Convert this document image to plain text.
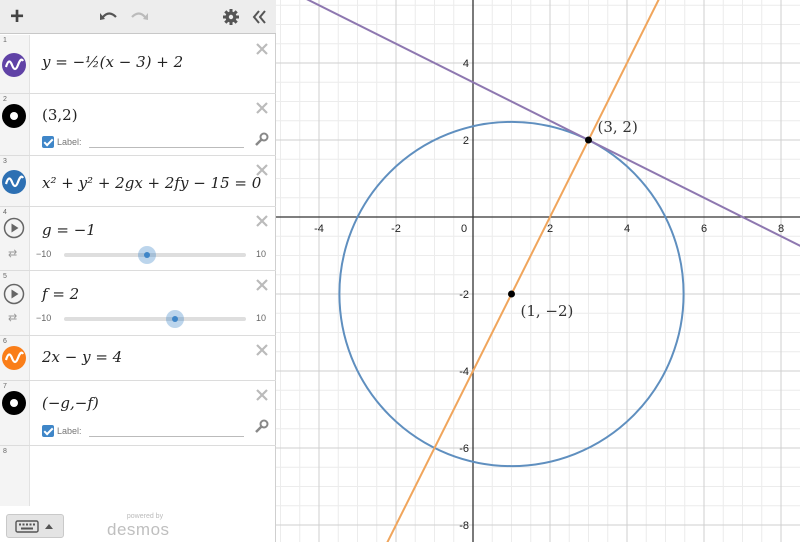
+
1
y = −½(x − 3) + 2
2
(3,2)
Label:
3
x² + y² + 2gx + 2fy − 15 = 0
4
⇄
g = −1
−10	10
5
⇄
f = 2
−10	10
6
2x − y = 4
7
(−g,−f)
Label:
8
powered by
desmos
-4	-2	0	2	4	6	8
4
2
-2
-4
-6
-8
(3, 2)
(1, −2)
